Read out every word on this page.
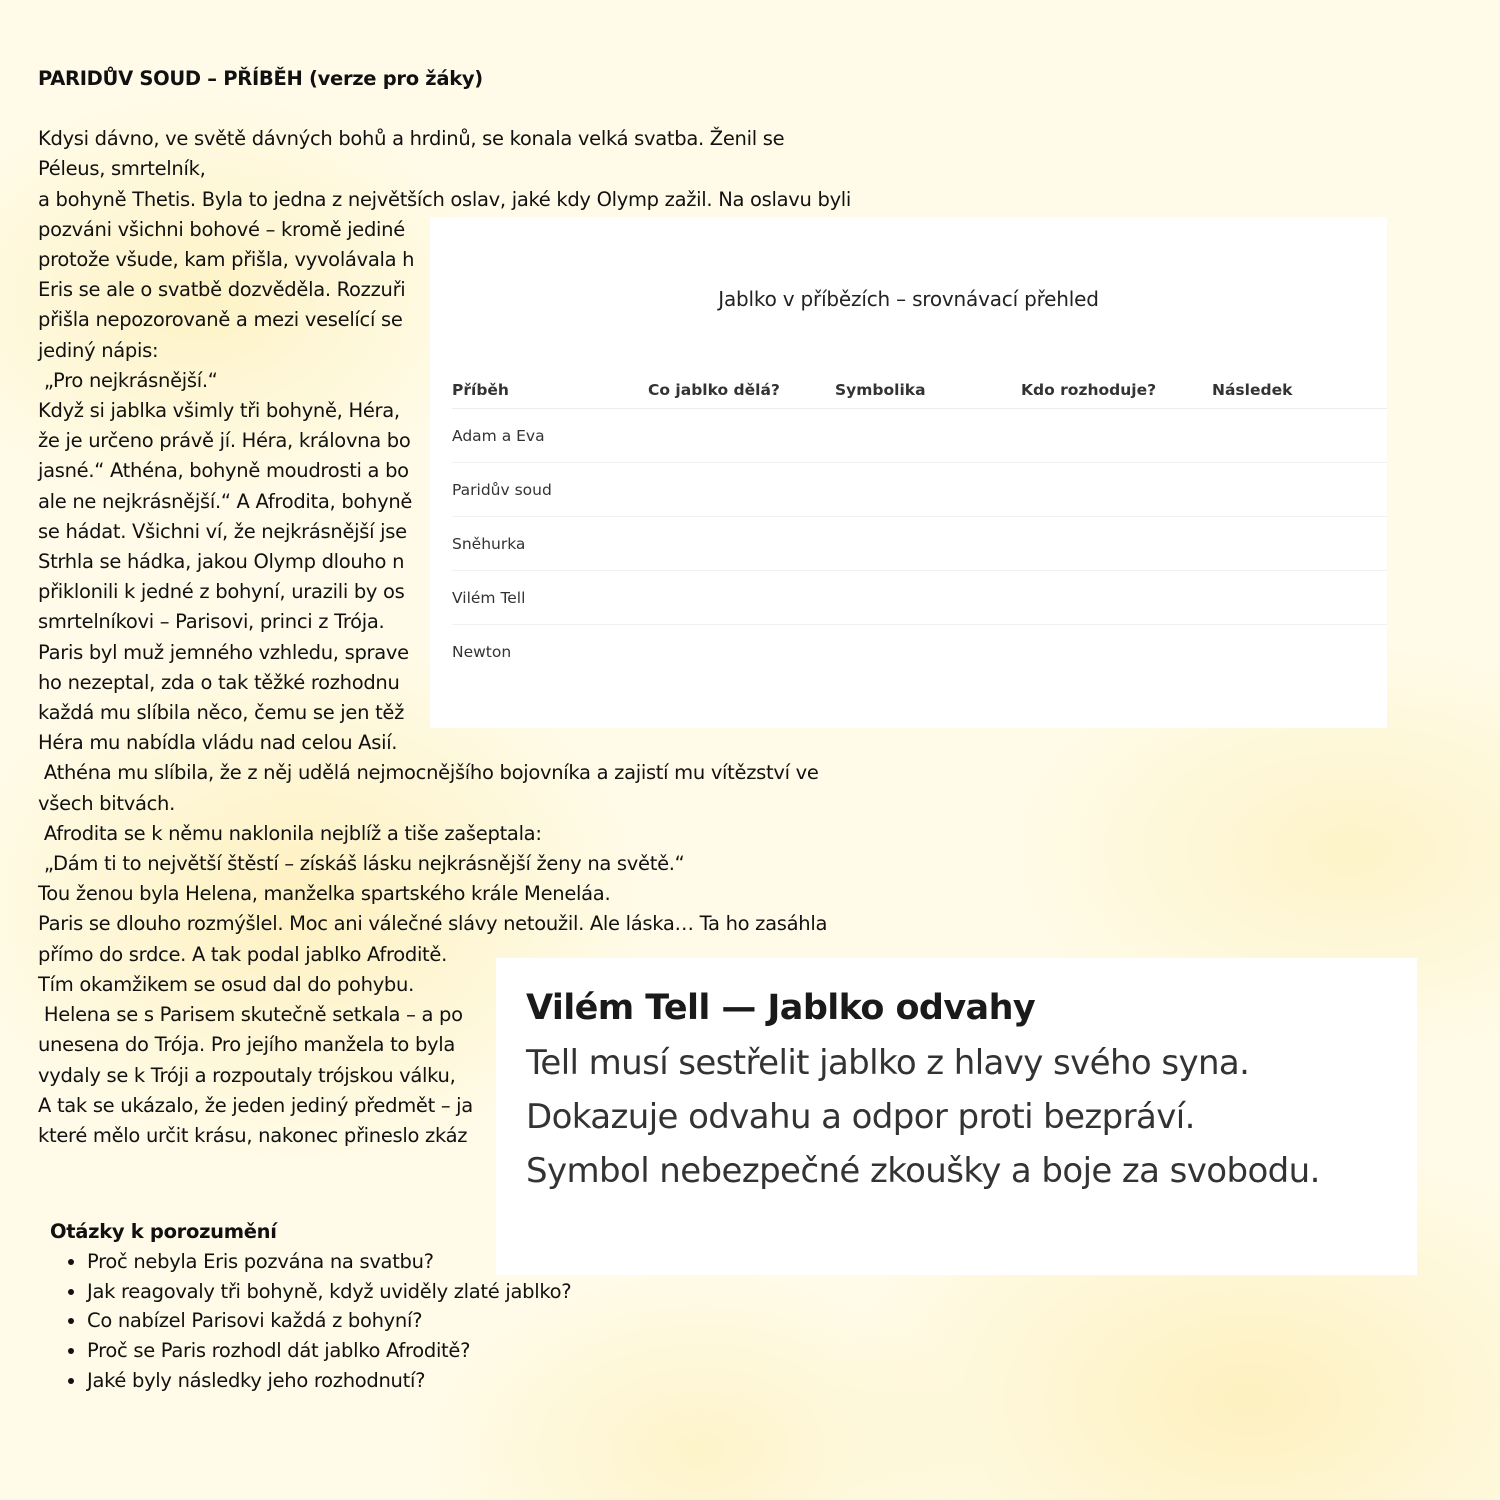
PARIDŮV SOUD – PŘÍBĚH (verze pro žáky)
Kdysi dávno, ve světě dávných bohů a hrdinů, se konala velká svatba. Ženil se
Péleus, smrtelník,
a bohyně Thetis. Byla to jedna z největších oslav, jaké kdy Olymp zažil. Na oslavu byli
pozváni všichni bohové – kromě jediné
protože všude, kam přišla, vyvolávala h
Eris se ale o svatbě dozvěděla. Rozzuři
přišla nepozorovaně a mezi veselící se
jediný nápis:
„Pro nejkrásnější.“
Když si jablka všimly tři bohyně, Héra,
že je určeno právě jí. Héra, královna bo
jasné.“ Athéna, bohyně moudrosti a bo
ale ne nejkrásnější.“ A Afrodita, bohyně
se hádat. Všichni ví, že nejkrásnější jse
Strhla se hádka, jakou Olymp dlouho n
přiklonili k jedné z bohyní, urazili by os
smrtelníkovi – Parisovi, princi z Trója.
Paris byl muž jemného vzhledu, sprave
ho nezeptal, zda o tak těžké rozhodnu
každá mu slíbila něco, čemu se jen těž
Héra mu nabídla vládu nad celou Asií.
Athéna mu slíbila, že z něj udělá nejmocnějšího bojovníka a zajistí mu vítězství ve
všech bitvách.
Afrodita se k němu naklonila nejblíž a tiše zašeptala:
„Dám ti to největší štěstí – získáš lásku nejkrásnější ženy na světě.“
Tou ženou byla Helena, manželka spartského krále Meneláa.
Paris se dlouho rozmýšlel. Moc ani válečné slávy netoužil. Ale láska… Ta ho zasáhla
přímo do srdce. A tak podal jablko Afroditě.
Tím okamžikem se osud dal do pohybu.
Helena se s Parisem skutečně setkala – a po
unesena do Trója. Pro jejího manžela to byla
vydaly se k Tróji a rozpoutaly trójskou válku,
A tak se ukázalo, že jeden jediný předmět – ja
které mělo určit krásu, nakonec přineslo zkáz
Otázky k porozumění
• Proč nebyla Eris pozvána na svatbu?
• Jak reagovaly tři bohyně, když uviděly zlaté jablko?
• Co nabízel Parisovi každá z bohyní?
• Proč se Paris rozhodl dát jablko Afroditě?
• Jaké byly následky jeho rozhodnutí?
Jablko v příbězích – srovnávací přehled
Příběh	Co jablko dělá?	Symbolika	Kdo rozhoduje?	Následek
Adam a Eva				
Paridův soud				
Sněhurka				
Vilém Tell				
Newton				
Vilém Tell — Jablko odvahy
Tell musí sestřelit jablko z hlavy svého syna.
Dokazuje odvahu a odpor proti bezpráví.
Symbol nebezpečné zkoušky a boje za svobodu.
